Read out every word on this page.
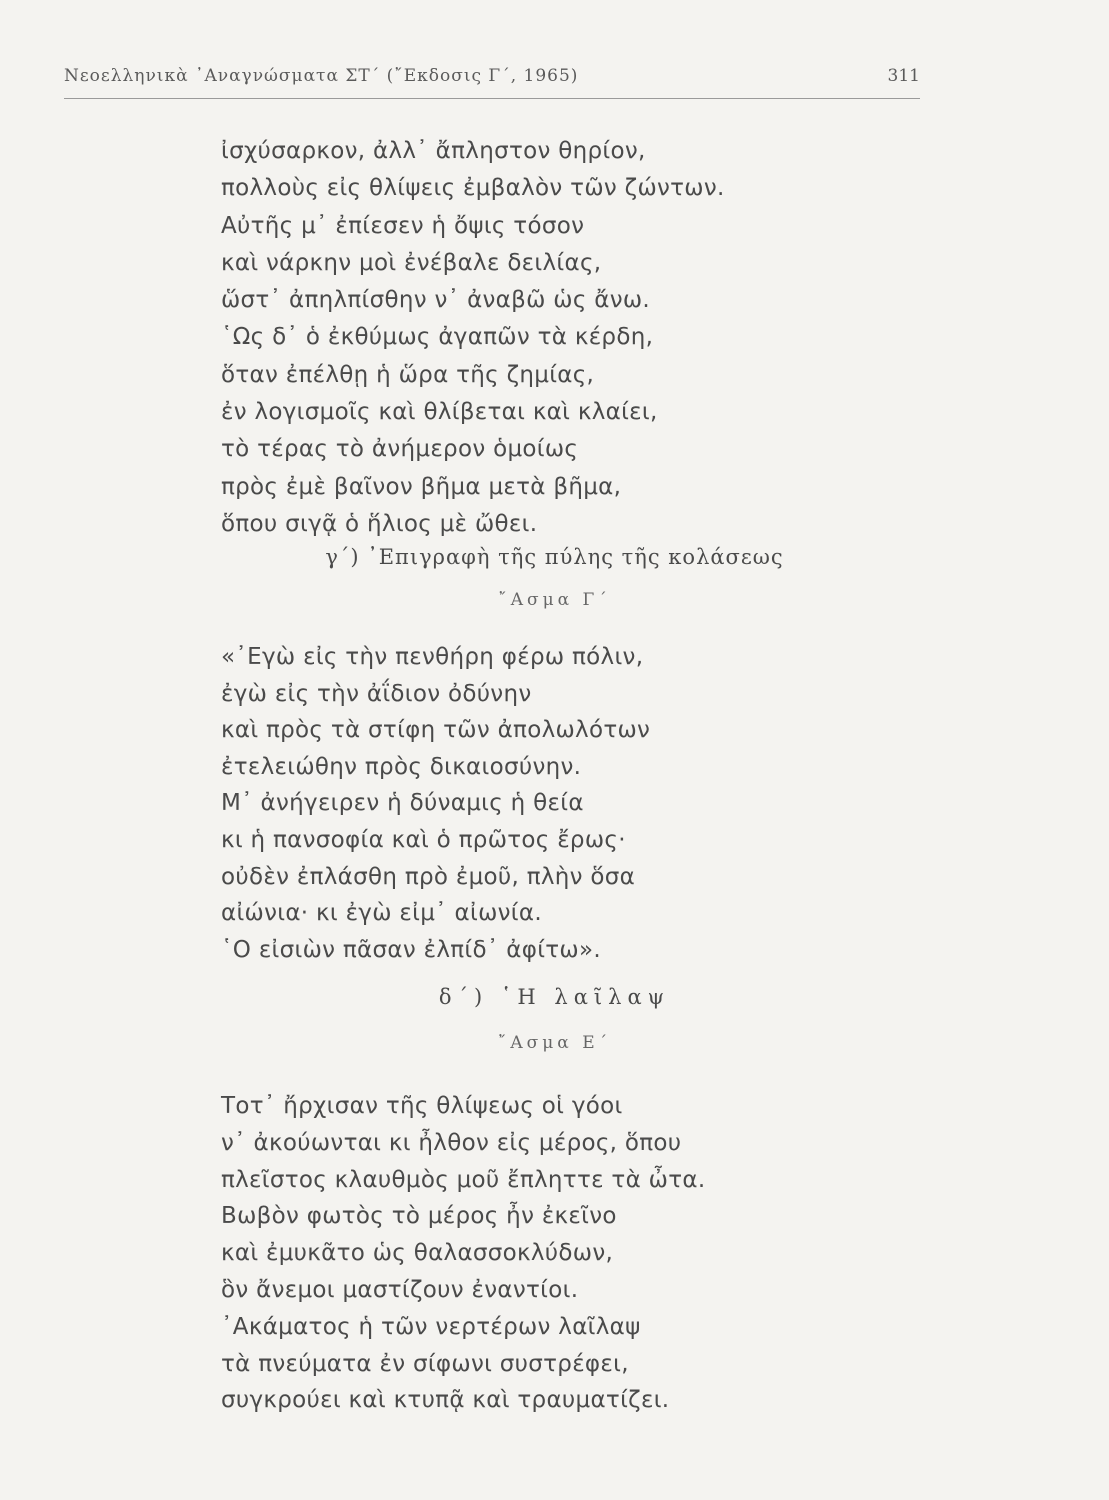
Νεοελληνικὰ ᾿Αναγνώσματα ΣΤ΄ (῎Εκδοσις Γ΄, 1965)	311
ἰσχύσαρκον, ἀλλ᾿ ἄπληστον θηρίον,
πολλοὺς εἰς θλίψεις ἐμβαλὸν τῶν ζώντων.
Αὐτῆς μ᾿ ἐπίεσεν ἡ ὄψις τόσον
καὶ νάρκην μοὶ ἐνέβαλε δειλίας,
ὥστ᾿ ἀπηλπίσθην ν᾿ ἀναβῶ ὡς ἄνω.
῾Ως δ᾿ ὁ ἐκθύμως ἀγαπῶν τὰ κέρδη,
ὅταν ἐπέλθῃ ἡ ὥρα τῆς ζημίας,
ἐν λογισμοῖς καὶ θλίβεται καὶ κλαίει,
τὸ τέρας τὸ ἀνήμερον ὁμοίως
πρὸς ἐμὲ βαῖνον βῆμα μετὰ βῆμα,
ὅπου σιγᾷ ὁ ἥλιος μὲ ὤθει.
γ΄) ᾿Επιγραφὴ τῆς πύλης τῆς κολάσεως
῎Ασμα Γ΄
«᾿Εγὼ εἰς τὴν πενθήρη φέρω πόλιν,
ἐγὼ εἰς τὴν ἀΐδιον ὀδύνην
καὶ πρὸς τὰ στίφη τῶν ἀπολωλότων
ἐτελειώθην πρὸς δικαιοσύνην.
Μ᾿ ἀνήγειρεν ἡ δύναμις ἡ θεία
κι ἡ πανσοφία καὶ ὁ πρῶτος ἔρως·
οὐδὲν ἐπλάσθη πρὸ ἐμοῦ, πλὴν ὅσα
αἰώνια· κι ἐγὼ εἰμ᾿ αἰωνία.
῾Ο εἰσιὼν πᾶσαν ἐλπίδ᾿ ἀφίτω».
δ΄) ῾Η λαῖλαψ
῎Ασμα Ε΄
Τοτ᾿ ἤρχισαν τῆς θλίψεως οἱ γόοι
ν᾿ ἀκούωνται κι ἦλθον εἰς μέρος, ὅπου
πλεῖστος κλαυθμὸς μοῦ ἔπληττε τὰ ὦτα.
Βωβὸν φωτὸς τὸ μέρος ἦν ἐκεῖνο
καὶ ἐμυκᾶτο ὡς θαλασσοκλύδων,
ὃν ἄνεμοι μαστίζουν ἐναντίοι.
᾿Ακάματος ἡ τῶν νερτέρων λαῖλαψ
τὰ πνεύματα ἐν σίφωνι συστρέφει,
συγκρούει καὶ κτυπᾷ καὶ τραυματίζει.
